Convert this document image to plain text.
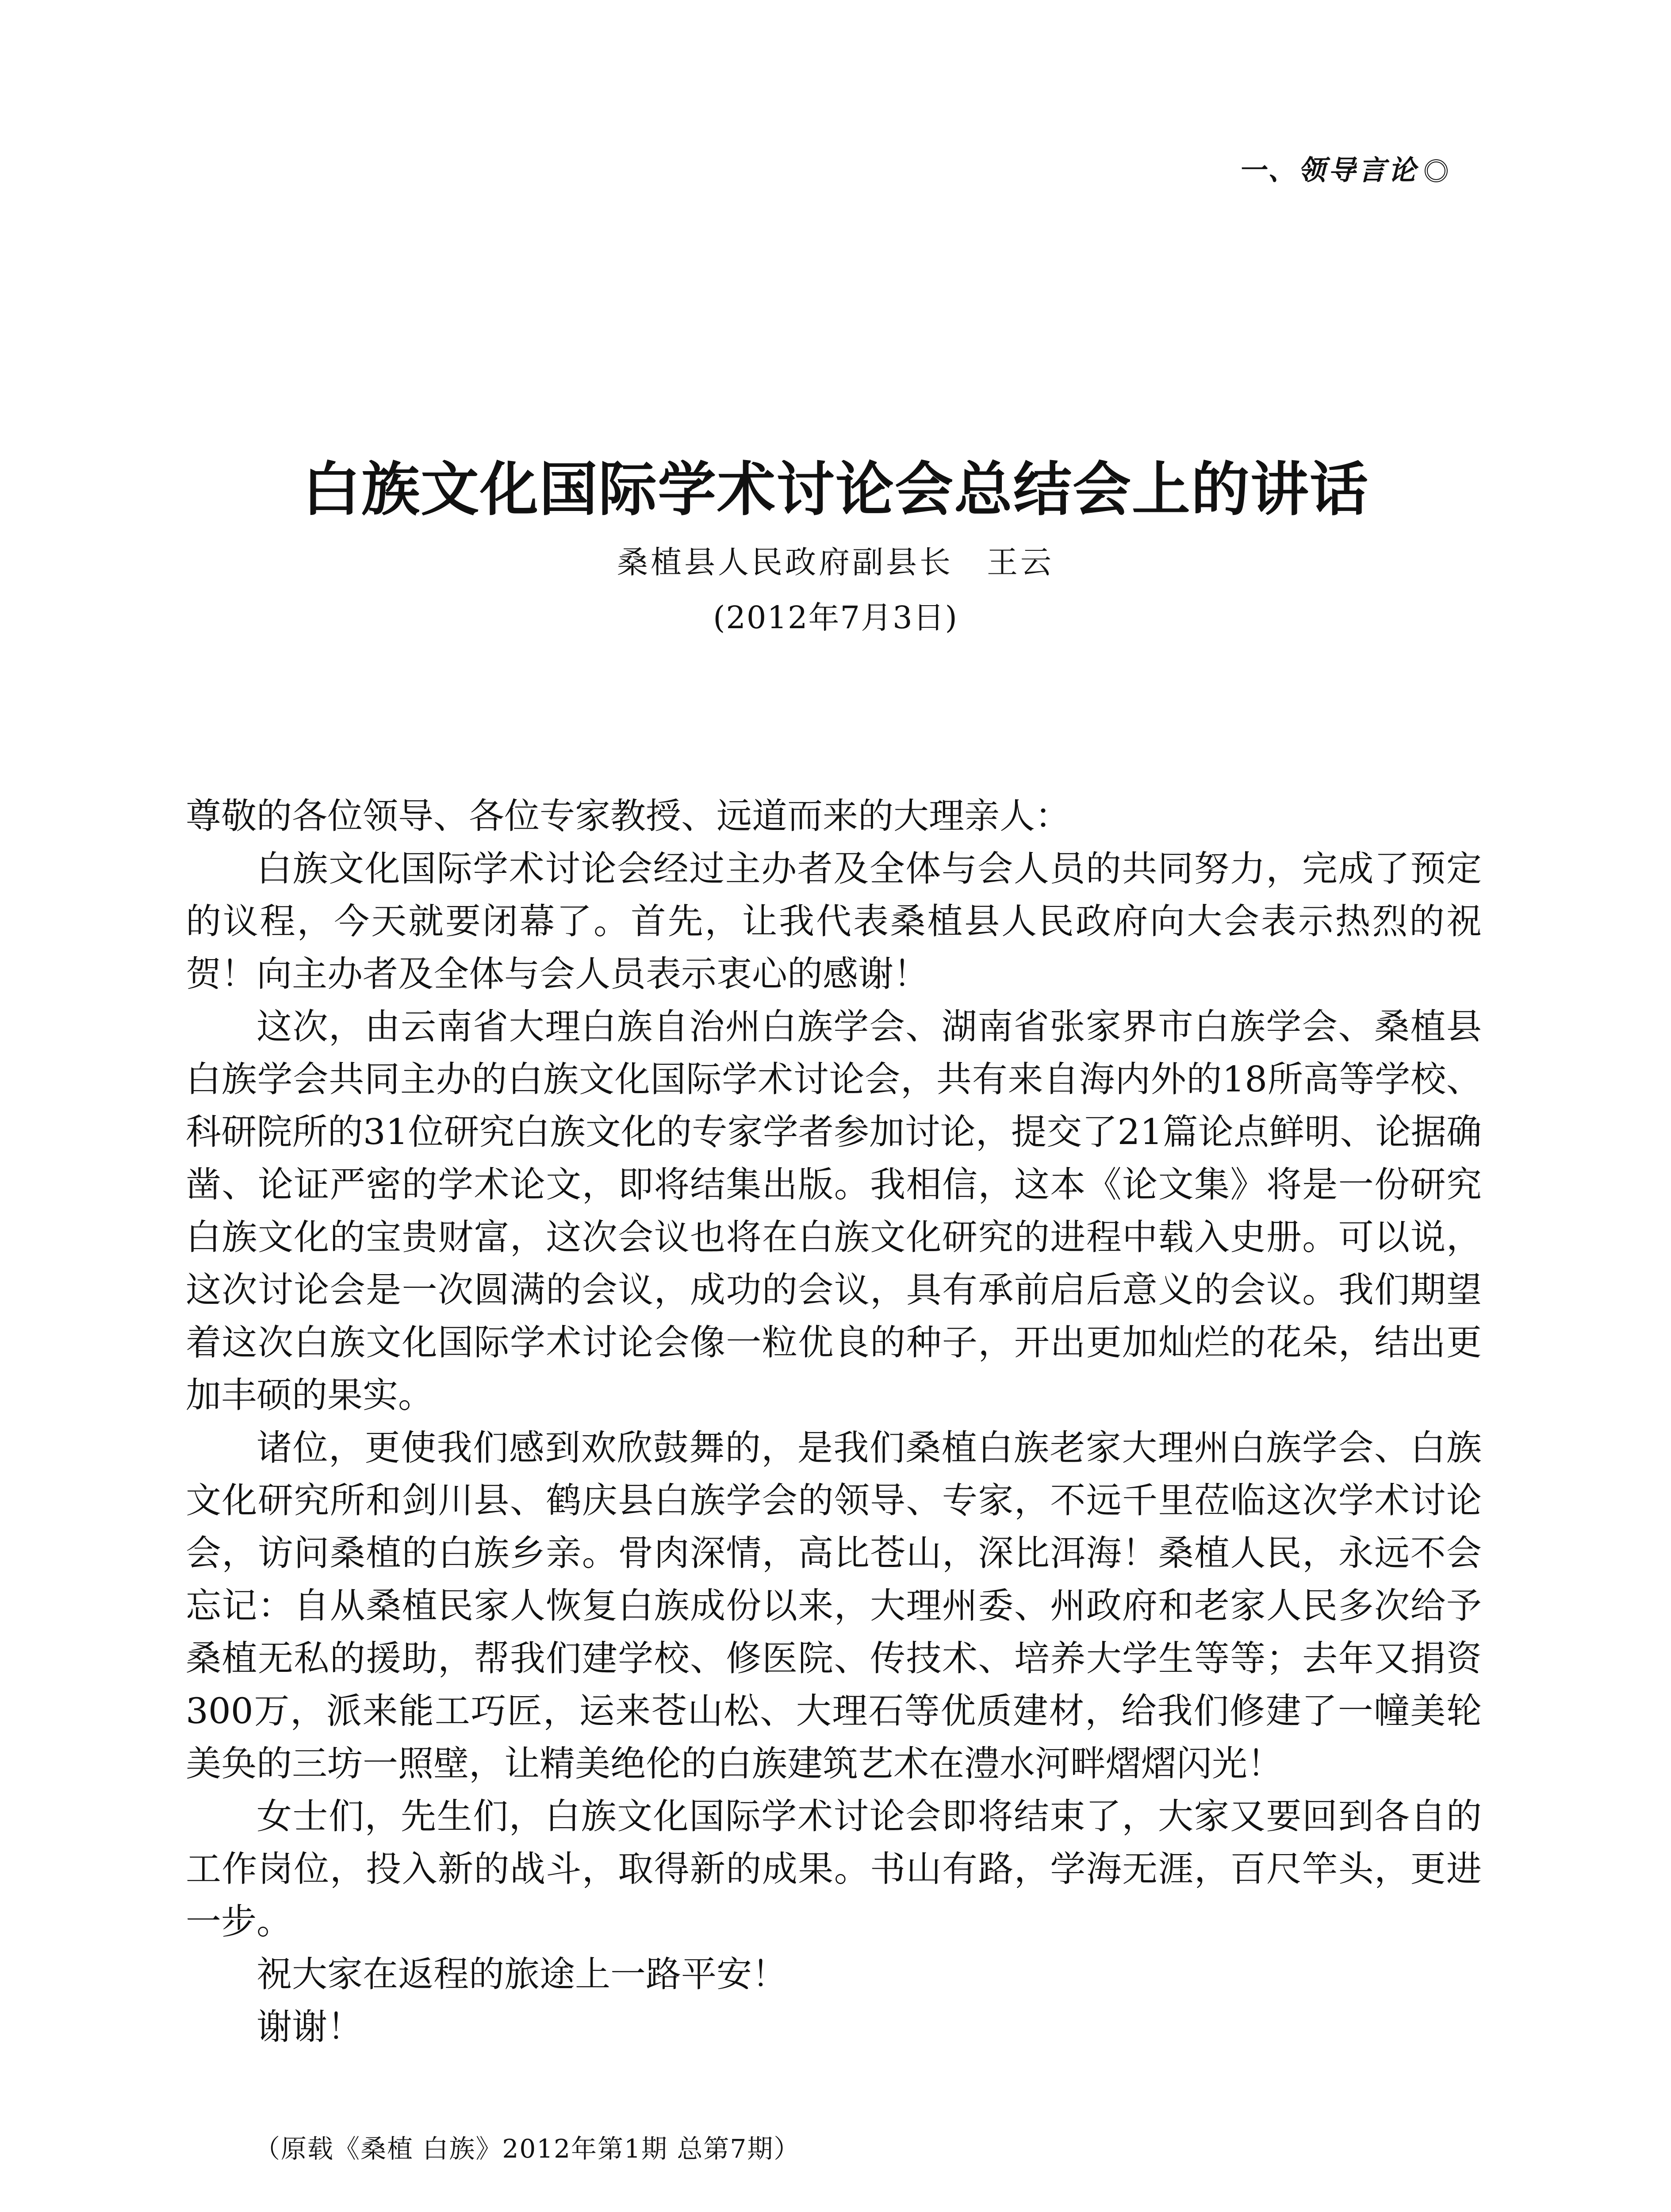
一、领导言论
白族文化国际学术讨论会总结会上的讲话
桑植县人民政府副县长　王云
(2012年7月3日)

尊敬的各位领导、各位专家教授、远道而来的大理亲人：

白族文化国际学术讨论会经过主办者及全体与会人员的共同努力，完成了预定的议程，今天就要闭幕了。首先，让我代表桑植县人民政府向大会表示热烈的祝贺！向主办者及全体与会人员表示衷心的感谢！

这次，由云南省大理白族自治州白族学会、湖南省张家界市白族学会、桑植县白族学会共同主办的白族文化国际学术讨论会，共有来自海内外的18所高等学校、科研院所的31位研究白族文化的专家学者参加讨论，提交了21篇论点鲜明、论据确凿、论证严密的学术论文，即将结集出版。我相信，这本《论文集》将是一份研究白族文化的宝贵财富，这次会议也将在白族文化研究的进程中载入史册。可以说，这次讨论会是一次圆满的会议，成功的会议，具有承前启后意义的会议。我们期望着这次白族文化国际学术讨论会像一粒优良的种子，开出更加灿烂的花朵，结出更加丰硕的果实。

诸位，更使我们感到欢欣鼓舞的，是我们桑植白族老家大理州白族学会、白族文化研究所和剑川县、鹤庆县白族学会的领导、专家，不远千里莅临这次学术讨论会，访问桑植的白族乡亲。骨肉深情，高比苍山，深比洱海！桑植人民，永远不会忘记：自从桑植民家人恢复白族成份以来，大理州委、州政府和老家人民多次给予桑植无私的援助，帮我们建学校、修医院、传技术、培养大学生等等；去年又捐资300万，派来能工巧匠，运来苍山松、大理石等优质建材，给我们修建了一幢美轮美奂的三坊一照壁，让精美绝伦的白族建筑艺术在澧水河畔熠熠闪光！

女士们，先生们，白族文化国际学术讨论会即将结束了，大家又要回到各自的工作岗位，投入新的战斗，取得新的成果。书山有路，学海无涯，百尺竿头，更进一步。

祝大家在返程的旅途上一路平安！

谢谢！

（原载《桑植 白族》2012年第1期 总第7期）
